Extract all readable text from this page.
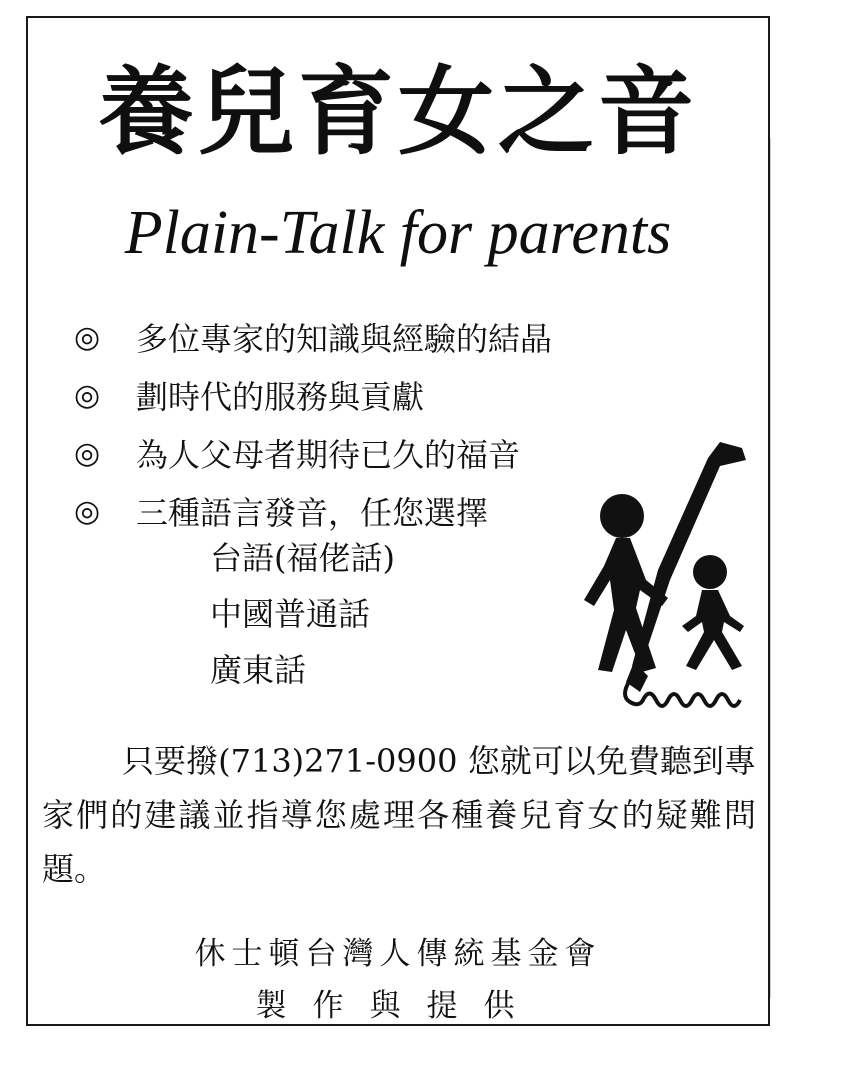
養兒育女之音
Plain-Talk for parents
◎	多位專家的知識與經驗的結晶
◎	劃時代的服務與貢獻
◎	為人父母者期待已久的福音
◎	三種語言發音，任您選擇
台語(福佬話)
中國普通話
廣東話

只要撥(713)271-0900 您就可以免費聽到專家們的建議並指導您處理各種養兒育女的疑難問題。

休士頓台灣人傳統基金會
製作與提供
